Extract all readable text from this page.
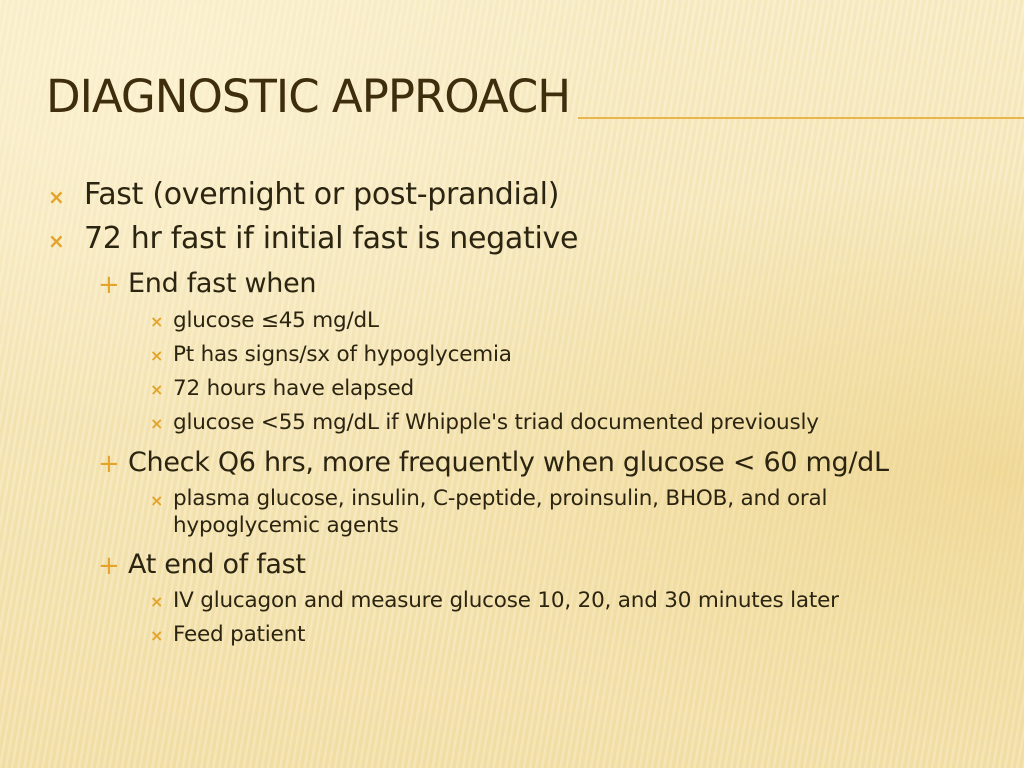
DIAGNOSTIC APPROACH
× Fast (overnight or post-prandial)
× 72 hr fast if initial fast is negative
+ End fast when
× glucose ≤45 mg/dL
× Pt has signs/sx of hypoglycemia
× 72 hours have elapsed
× glucose <55 mg/dL if Whipple's triad documented previously
+ Check Q6 hrs, more frequently when glucose < 60 mg/dL
× plasma glucose, insulin, C-peptide, proinsulin, BHOB, and oral hypoglycemic agents
+ At end of fast
× IV glucagon and measure glucose 10, 20, and 30 minutes later
× Feed patient
